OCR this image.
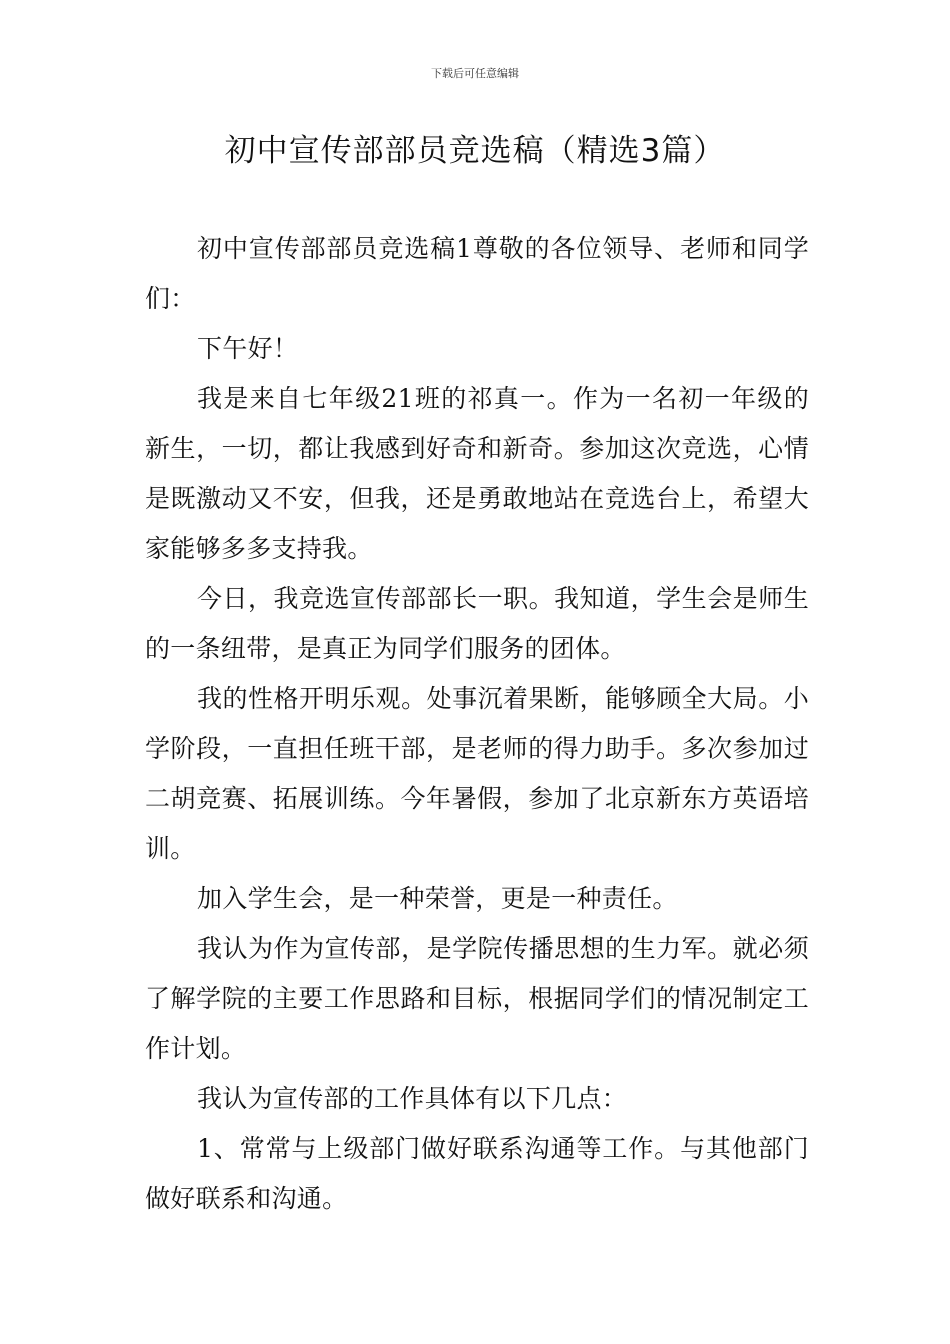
下载后可任意编辑
初中宣传部部员竞选稿（精选3篇）

初中宣传部部员竞选稿1尊敬的各位领导、老师和同学们：

下午好！

我是来自七年级21班的祁真一。作为一名初一年级的新生，一切，都让我感到好奇和新奇。参加这次竞选，心情是既激动又不安，但我，还是勇敢地站在竞选台上，希望大家能够多多支持我。

今日，我竞选宣传部部长一职。我知道，学生会是师生的一条纽带，是真正为同学们服务的团体。

我的性格开明乐观。处事沉着果断，能够顾全大局。小学阶段，一直担任班干部，是老师的得力助手。多次参加过二胡竞赛、拓展训练。今年暑假，参加了北京新东方英语培训。

加入学生会，是一种荣誉，更是一种责任。

我认为作为宣传部，是学院传播思想的生力军。就必须了解学院的主要工作思路和目标，根据同学们的情况制定工作计划。

我认为宣传部的工作具体有以下几点：

1、常常与上级部门做好联系沟通等工作。与其他部门做好联系和沟通。
